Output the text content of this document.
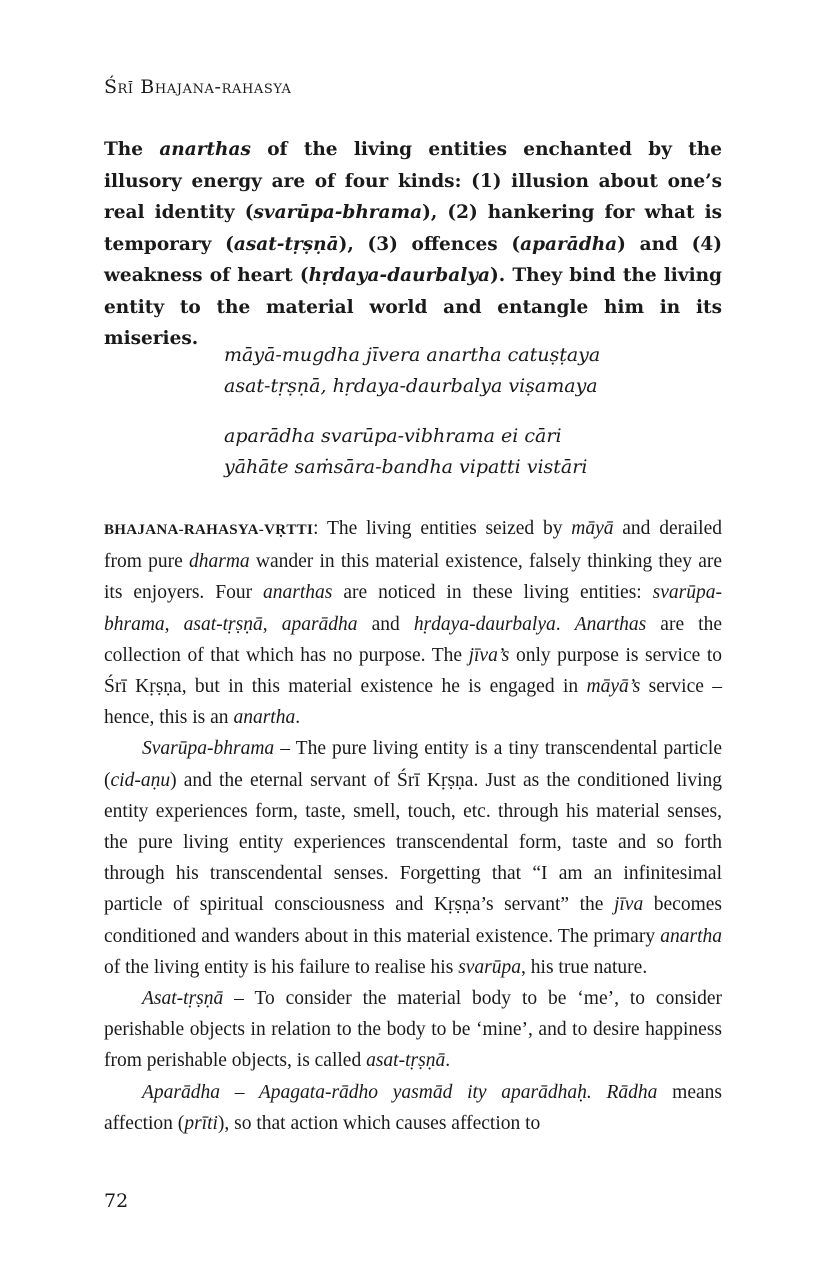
Śrī Bhajana-rahasya

The anarthas of the living entities enchanted by the illusory energy are of four kinds: (1) illusion about one’s real identity (svarūpa-bhrama), (2) hankering for what is temporary (asat-tṛṣṇā), (3) offences (aparādha) and (4) weakness of heart (hṛdaya-daurbalya). They bind the living entity to the material world and entangle him in its miseries.

māyā-mugdha jīvera anartha catuṣṭaya
asat-tṛṣṇā, hṛdaya-daurbalya viṣamaya
aparādha svarūpa-vibhrama ei cāri
yāhāte saṁsāra-bandha vipatti vistāri

BHAJANA-RAHASYA-VṚTTI: The living entities seized by māyā and derailed from pure dharma wander in this material existence, falsely thinking they are its enjoyers. Four anarthas are noticed in these living entities: svarūpa-bhrama, asat-tṛṣṇā, aparādha and hṛdaya-daurbalya. Anarthas are the collection of that which has no purpose. The jīva’s only purpose is service to Śrī Kṛṣṇa, but in this material existence he is engaged in māyā’s service – hence, this is an anartha.

Svarūpa-bhrama – The pure living entity is a tiny transcendental particle (cid-aṇu) and the eternal servant of Śrī Kṛṣṇa. Just as the conditioned living entity experiences form, taste, smell, touch, etc. through his material senses, the pure living entity experiences transcendental form, taste and so forth through his transcendental senses. Forgetting that “I am an infinitesimal particle of spiritual consciousness and Kṛṣṇa’s servant” the jīva becomes conditioned and wanders about in this material existence. The primary anartha of the living entity is his failure to realise his svarūpa, his true nature.

Asat-tṛṣṇā – To consider the material body to be ‘me’, to consider perishable objects in relation to the body to be ‘mine’, and to desire happiness from perishable objects, is called asat-tṛṣṇā.

Aparādha – Apagata-rādho yasmād ity aparādhaḥ. Rādha means affection (prīti), so that action which causes affection to

72
